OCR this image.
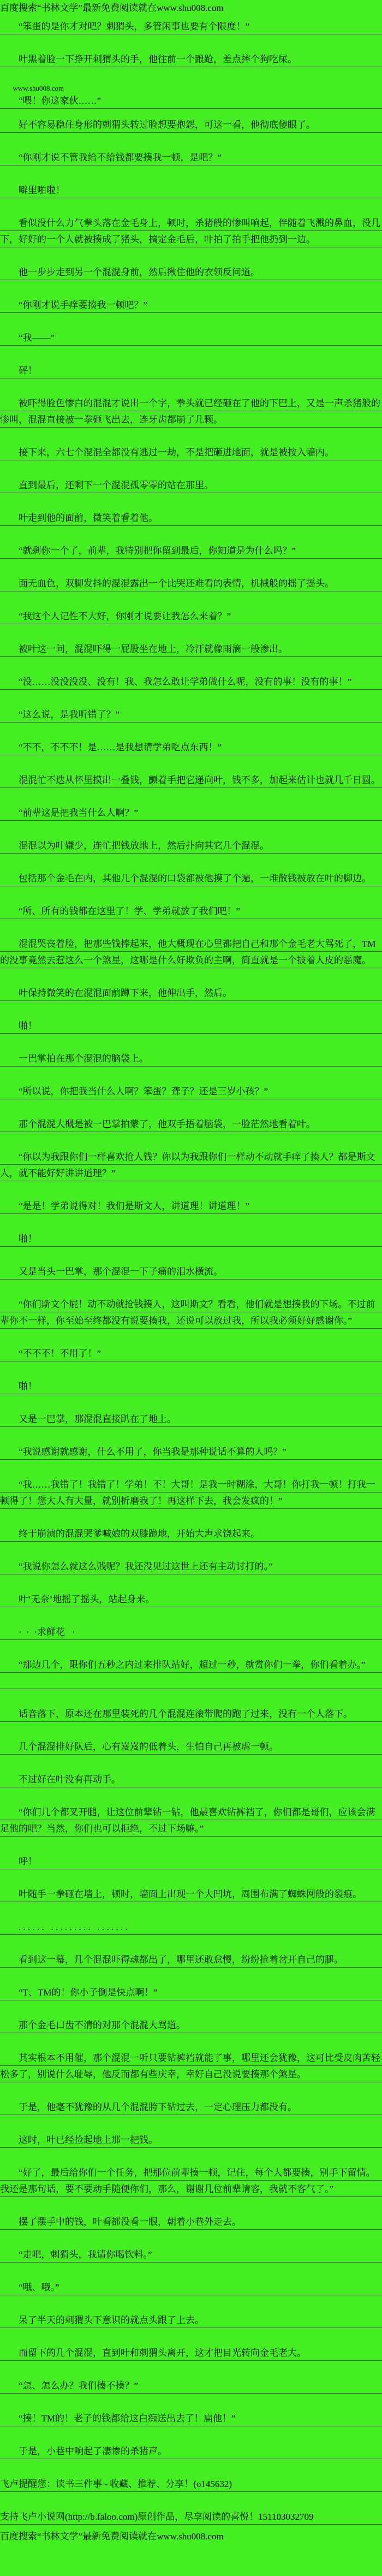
百度搜索“书林文学”最新免费阅读就在www.shu008.com

“笨蛋的是你才对吧？刺猬头，多管闲事也要有个限度！”

叶黑着脸一下挣开刺猬头的手，他往前一个踉跄，差点摔个狗吃屎。

www.shu008.com

“喂！你这家伙……”

好不容易稳住身形的刺猬头转过脸想要抱怨，可这一看，他彻底傻眼了。

“你刚才说不管我给不给钱都要揍我一顿，是吧？”

噼里啪啦！

看似没什么力气拳头落在金毛身上，顿时，杀猪般的惨叫响起，伴随着飞溅的鼻血，没几下，好好的一个人就被揍成了猪头，搞定金毛后，叶拍了拍手把他扔到一边。

他一步步走到另一个混混身前，然后揪住他的衣领反问道。

“你刚才说手痒要揍我一顿吧？”

“我——”

砰！

被吓得脸色惨白的混混才说出一个字，拳头就已经砸在了他的下巴上，又是一声杀猪般的惨叫，混混直接被一拳砸飞出去，连牙齿都崩了几颗。

接下来，六七个混混全都没有逃过一劫，不是把砸进地面，就是被按入墙内。

直到最后，还剩下一个混混孤零零的站在那里。

叶走到他的面前，微笑着看着他。

“就剩你一个了，前辈，我特别把你留到最后，你知道是为什么吗？”

面无血色，双脚发抖的混混露出一个比哭还难看的表情，机械般的摇了摇头。

“我这个人记性不大好，你刚才说要让我怎么来着？”

被叶这一问，混混吓得一屁股坐在地上，冷汗就像雨滴一般渗出。

“没……没没没没、没有！我、我怎么敢让学弟做什么呢，没有的事！没有的事！”

“这么说，是我听错了？”

“不不，不不不！是……是我想请学弟吃点东西！”

混混忙不迭从怀里摸出一叠钱，颤着手把它递向叶，钱不多，加起来估计也就几千日圆。

“前辈这是把我当什么人啊？”

混混以为叶嫌少，连忙把钱放地上，然后扑向其它几个混混。

包括那个金毛在内，其他几个混混的口袋都被他摸了个遍，一堆散钱被放在叶的脚边。

“所、所有的钱都在这里了！学、学弟就放了我们吧！”

混混哭丧着脸，把那些钱捧起来，他大概现在心里都把自己和那个金毛老大骂死了，TM的没事竟然去惹这么一个煞星，这哪是什么好欺负的主啊，简直就是一个披着人皮的恶魔。

叶保持微笑的在混混面前蹲下来，他伸出手，然后。

啪！

一巴掌拍在那个混混的脑袋上。

“所以说，你把我当什么人啊？笨蛋？聋子？还是三岁小孩？”

那个混混大概是被一巴掌拍蒙了，他双手捂着脑袋，一脸茫然地看着叶。

“你以为我跟你们一样喜欢抢人钱？你以为我跟你们一样动不动就手痒了揍人？都是斯文人，就不能好好讲讲道理？”

“是是！学弟说得对！我们是斯文人，讲道理！讲道理！”

啪！

又是当头一巴掌，那个混混一下子痛的泪水横流。

“你们斯文个屁！动不动就抢钱揍人，这叫斯文？看看，他们就是想揍我的下场。不过前辈你不一样，你至始至终都没有说要揍我，还说可以放过我，所以我必须好好感谢你。”

“不不不！不用了！”

啪！

又是一巴掌，那混混直接趴在了地上。

“我说感谢就感谢，什么不用了，你当我是那种说话不算的人吗？”

“我……我错了！我错了！学弟！不！大哥！是我一时糊涂，大哥！你打我一顿！打我一顿得了！您大人有大量，就别折磨我了！再这样下去，我会发疯的！”

终于崩溃的混混哭爹喊娘的双膝跪地，开始大声求饶起来。

“我说你怎么就这么贱呢？我还没见过这世上还有主动讨打的。”

叶‘无奈’地摇了摇头，站起身来。

·  ·  ·求鲜花   ·

“那边几个，限你们五秒之内过来排队站好，超过一秒，就赏你们一拳，你们看着办。”

话音落下，原本还在那里装死的几个混混连滚带爬的跑了过来，没有一个人落下。

几个混混排好队后，心有岌岌的低着头，生怕自己再被虐一顿。

不过好在叶没有再动手。

“你们几个都叉开腿，让这位前辈钻一钻，他最喜欢钻裤裆了，你们都是哥们，应该会满足他的吧？当然，你们也可以拒绝，不过下场嘛。”

呼！

叶随手一拳砸在墙上，顿时，墙面上出现一个大凹坑，周围布满了蜘蛛网般的裂痕。

. . . . . .   . . . . . . . . .   . . . . . . .

看到这一幕，几个混混吓得魂都出了，哪里还敢怠慢，纷纷抢着岔开自己的腿。

“T、TM的！你小子倒是快点啊！”

那个金毛口齿不清的对那个混混大骂道。

其实根本不用催，那个混混一听只要钻裤裆就能了事，哪里还会犹豫，这可比受皮肉苦轻松多了，别说什么耻辱，他反而都有些庆幸，幸好自己没说要揍那个煞星。

于是，他毫不犹豫的从几个混混胯下钻过去，一定心理压力都没有。

这时，叶已经捡起地上那一把钱。

“好了，最后给你们一个任务，把那位前辈揍一顿，记住，每个人都要揍，别手下留情。我还是那句话，要不要动手随便你们，那么，谢谢几位前辈请客，我就不客气了。”

摆了摆手中的钱，叶看都没看一眼，朝着小巷外走去。

“走吧，刺猬头，我请你喝饮料。”

“哦、哦。”

呆了半天的刺猬头下意识的就点头跟了上去。

而留下的几个混混，直到叶和刺猬头离开，这才把目光转向金毛老大。

“怎、怎么办？我们揍不揍？”

“揍！TM的！老子的钱都给这白痴送出去了！扁他！”

于是，小巷中响起了凄惨的杀猪声。

飞卢提醒您：读书三件事 - 收藏、推荐、分享！(o145632)

支持飞卢小说网(http://b.faloo.com)原创作品，尽享阅读的喜悦！151103032709

百度搜索“书林文学”最新免费阅读就在www.shu008.com
